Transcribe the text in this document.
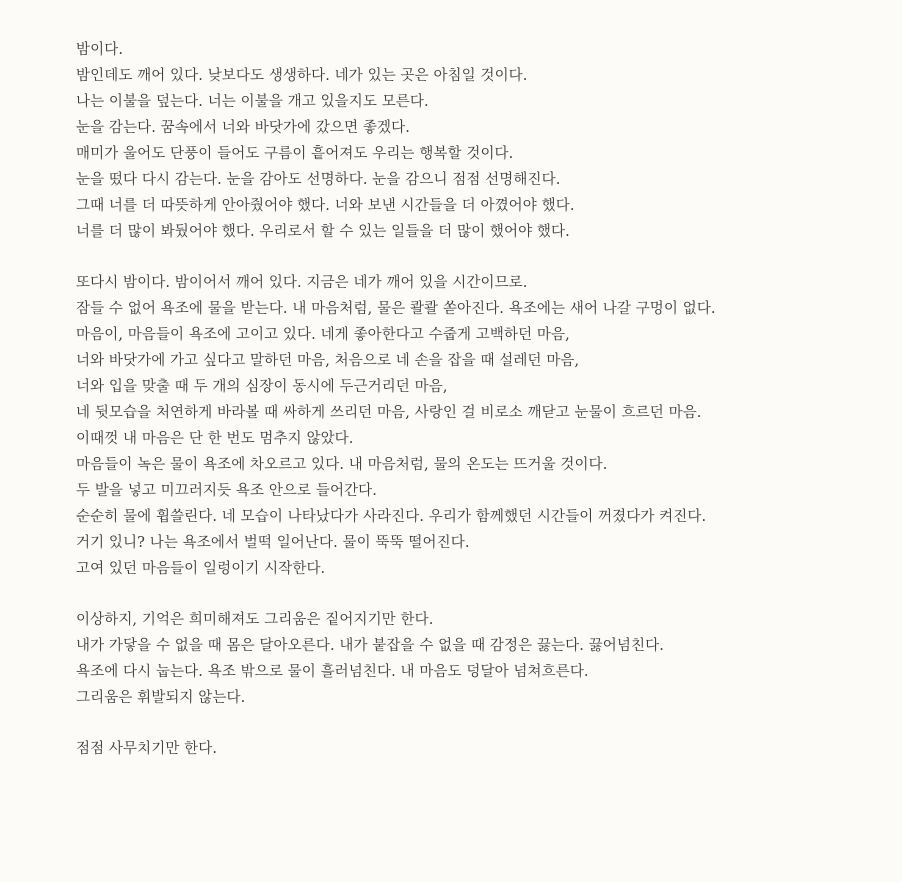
밤이다.
밤인데도 깨어 있다. 낮보다도 생생하다. 네가 있는 곳은 아침일 것이다.
나는 이불을 덮는다. 너는 이불을 개고 있을지도 모른다.
눈을 감는다. 꿈속에서 너와 바닷가에 갔으면 좋겠다.
매미가 울어도 단풍이 들어도 구름이 흩어져도 우리는 행복할 것이다.
눈을 떴다 다시 감는다. 눈을 감아도 선명하다. 눈을 감으니 점점 선명해진다.
그때 너를 더 따뜻하게 안아줬어야 했다. 너와 보낸 시간들을 더 아꼈어야 했다.
너를 더 많이 봐뒀어야 했다. 우리로서 할 수 있는 일들을 더 많이 했어야 했다.
또다시 밤이다. 밤이어서 깨어 있다. 지금은 네가 깨어 있을 시간이므로.
잠들 수 없어 욕조에 물을 받는다. 내 마음처럼, 물은 콸콸 쏟아진다. 욕조에는 새어 나갈 구멍이 없다.
마음이, 마음들이 욕조에 고이고 있다. 네게 좋아한다고 수줍게 고백하던 마음,
너와 바닷가에 가고 싶다고 말하던 마음, 처음으로 네 손을 잡을 때 설레던 마음,
너와 입을 맞출 때 두 개의 심장이 동시에 두근거리던 마음,
네 뒷모습을 처연하게 바라볼 때 싸하게 쓰리던 마음, 사랑인 걸 비로소 깨닫고 눈물이 흐르던 마음.
이때껏 내 마음은 단 한 번도 멈추지 않았다.
마음들이 녹은 물이 욕조에 차오르고 있다. 내 마음처럼, 물의 온도는 뜨거울 것이다.
두 발을 넣고 미끄러지듯 욕조 안으로 들어간다.
순순히 물에 휩쓸린다. 네 모습이 나타났다가 사라진다. 우리가 함께했던 시간들이 꺼졌다가 켜진다.
거기 있니? 나는 욕조에서 벌떡 일어난다. 물이 뚝뚝 떨어진다.
고여 있던 마음들이 일렁이기 시작한다.
이상하지, 기억은 희미해져도 그리움은 짙어지기만 한다.
내가 가닿을 수 없을 때 몸은 달아오른다. 내가 붙잡을 수 없을 때 감정은 끓는다. 끓어넘친다.
욕조에 다시 눕는다. 욕조 밖으로 물이 흘러넘친다. 내 마음도 덩달아 넘쳐흐른다.
그리움은 휘발되지 않는다.
점점 사무치기만 한다.
